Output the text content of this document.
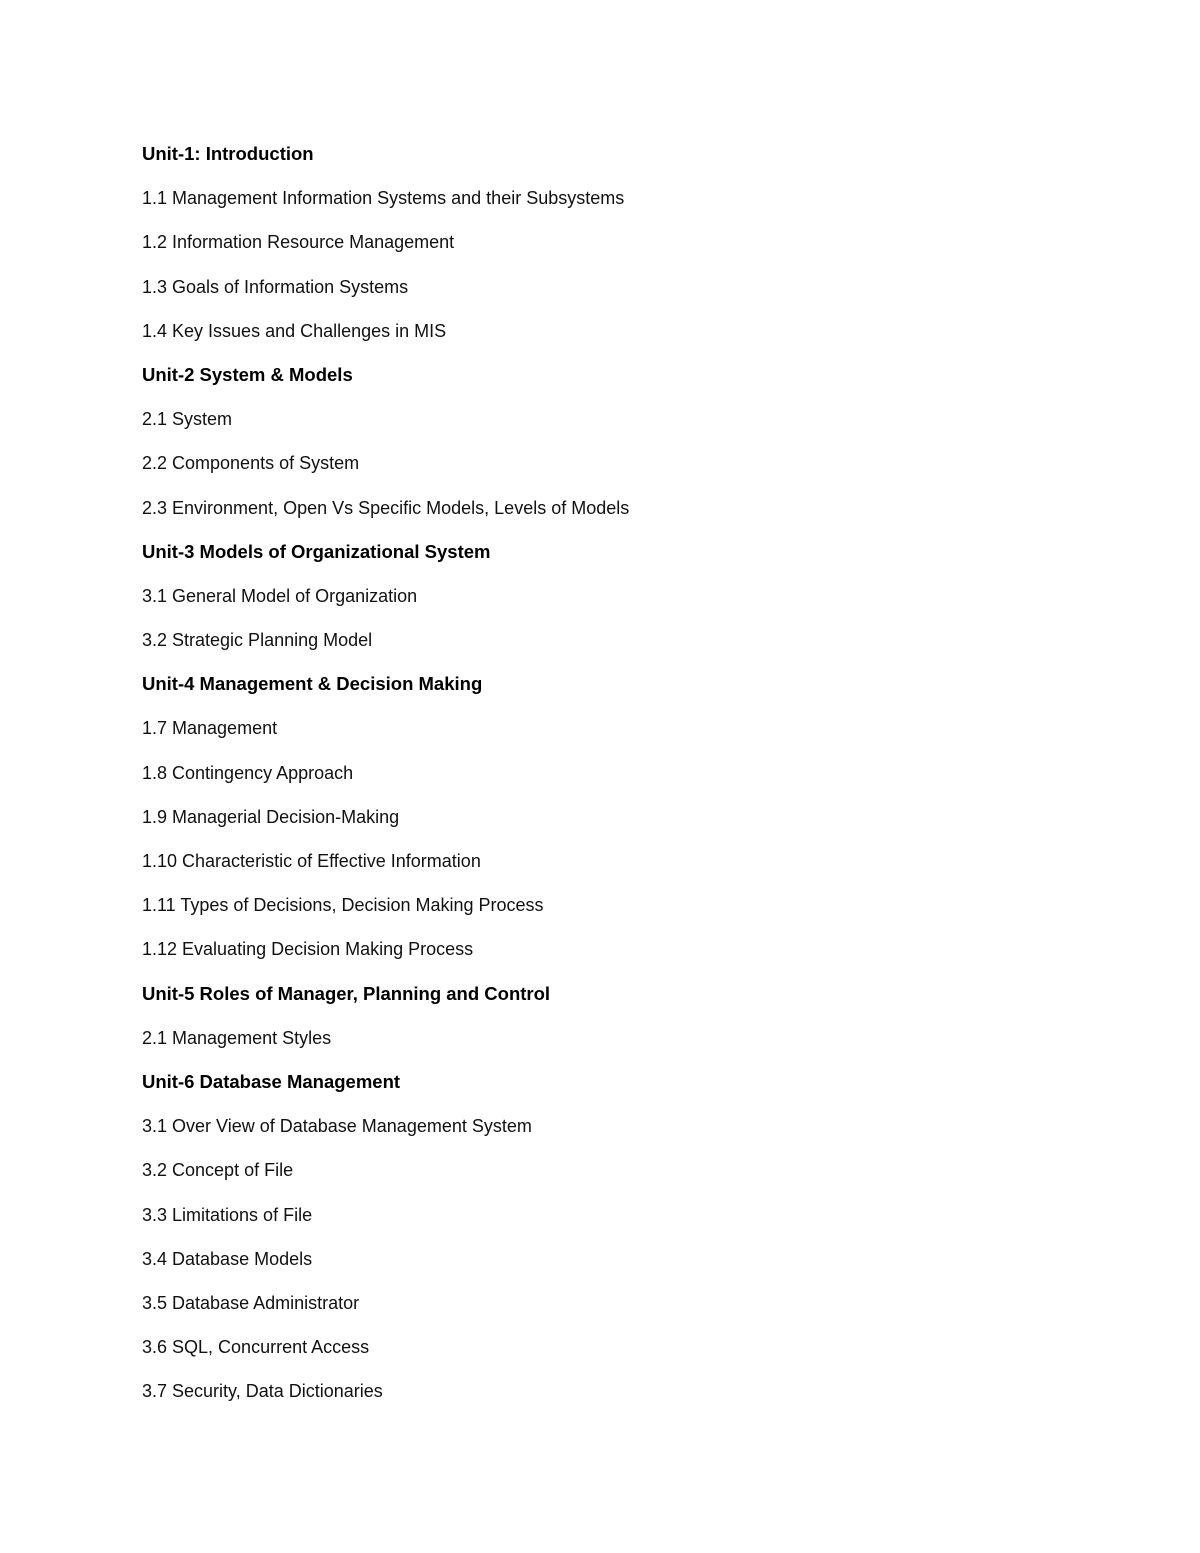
Unit-1: Introduction
1.1 Management Information Systems and their Subsystems
1.2 Information Resource Management
1.3 Goals of Information Systems
1.4 Key Issues and Challenges in MIS
Unit-2 System & Models
2.1 System
2.2 Components of System
2.3 Environment, Open Vs Specific Models, Levels of Models
Unit-3 Models of Organizational System
3.1 General Model of Organization
3.2 Strategic Planning Model
Unit-4 Management & Decision Making
1.7 Management
1.8 Contingency Approach
1.9 Managerial Decision-Making
1.10 Characteristic of Effective Information
1.11 Types of Decisions, Decision Making Process
1.12 Evaluating Decision Making Process
Unit-5 Roles of Manager, Planning and Control
2.1 Management Styles
Unit-6 Database Management
3.1 Over View of Database Management System
3.2 Concept of File
3.3 Limitations of File
3.4 Database Models
3.5 Database Administrator
3.6 SQL, Concurrent Access
3.7 Security, Data Dictionaries
